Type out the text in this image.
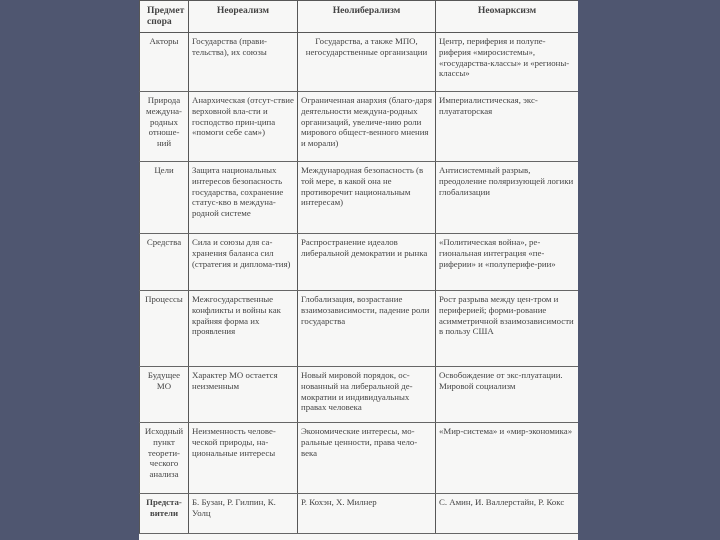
Предмет спора	Неореализм	Неолиберализм	Неомарксизм
Акторы	Государства (прави-тельства), их союзы	Государства, а также МПО, негосударственные организации	Центр, периферия и полупе-риферия «миросистемы», «государства-классы» и «регионы-классы»
Природа междуна-родных отноше-ний	Анархическая (отсут-ствие верховной вла-сти и господство прин-ципа «помоги себе сам»)	Ограниченная анархия (благо-даря деятельности междуна-родных организаций, увеличе-нию роли мирового общест-венного мнения и морали)	Империалистическая, экс-плуататорская
Цели	Защита национальных интересов безопасность государства, сохранение статус-кво в междуна-родной системе	Международная безопасность (в той мере, в какой она не противоречит национальным интересам)	Антисистемный разрыв, преодоление поляризующей логики глобализации
Средства	Сила и союзы для са-хранения баланса сил (стратегия и диплома-тия)	Распространение идеалов либеральной демократии и рынка	«Политическая война», ре-гиональная интеграция «пе-риферии» и «полуперифе-рии»
Процессы	Межгосударственные конфликты и войны как крайняя форма их проявления	Глобализация, возрастание взаимозависимости, падение роли государства	Рост разрыва между цен-тром и периферией; форми-рование асимметричной взаимозависимости в пользу США
Будущее МО	Характер МО остается неизменным	Новый мировой порядок, ос-нованный на либеральной де-мократии и индивидуальных правах человека	Освобождение от экс-плуатации. Мировой социализм
Исходный пункт теорети-ческого анализа	Неизменность челове-ческой природы, на-циональные интересы	Экономические интересы, мо-ральные ценности, права чело-века	«Мир-система» и «мир-экономика»
Предста-вители	Б. Бузан, Р. Гилпин, К. Уолц	Р. Кохэн, Х. Милнер	С. Амин, И. Валлерстайн, Р. Кокс
